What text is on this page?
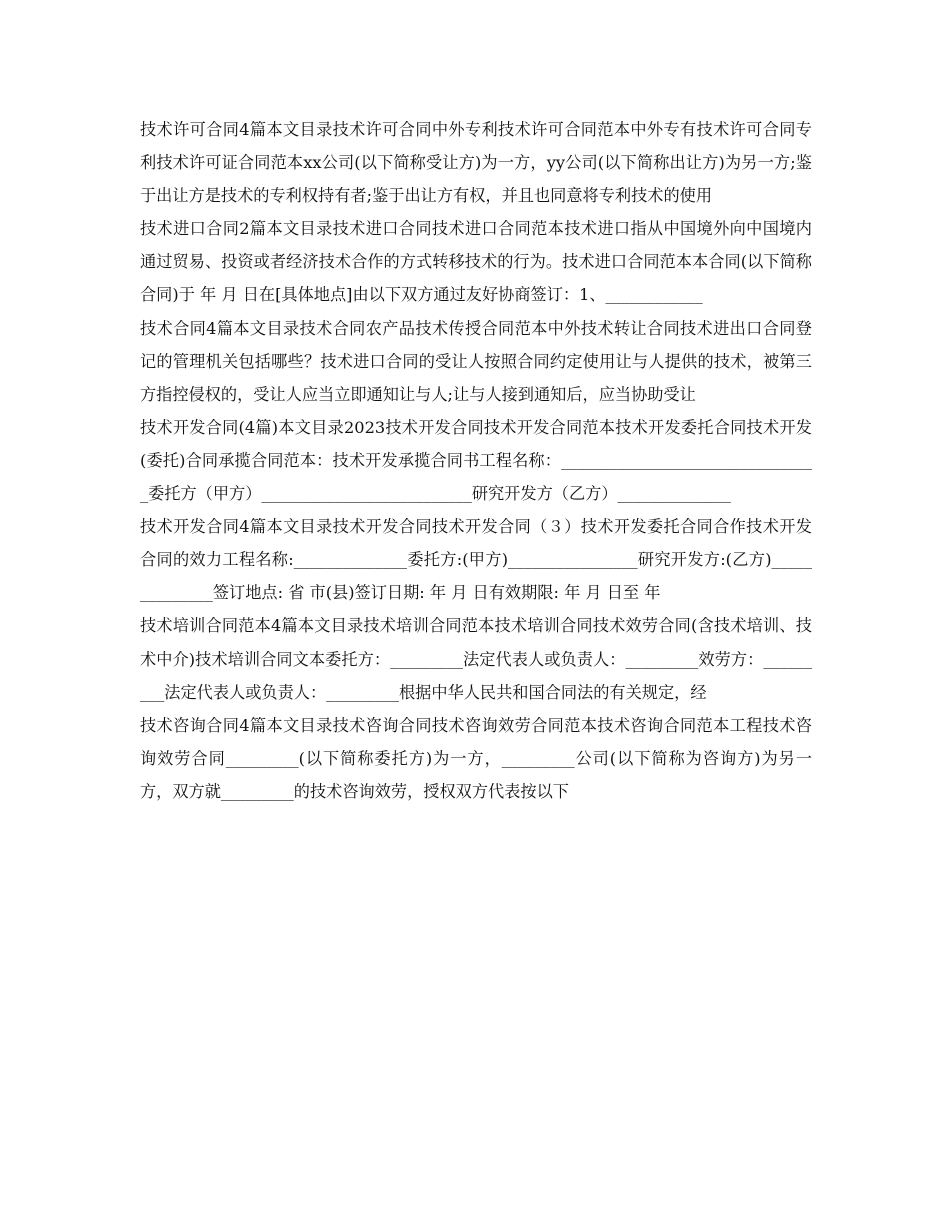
技术许可合同4篇本文目录技术许可合同中外专利技术许可合同范本中外专有技术许可合同专利技术许可证合同范本xx公司(以下简称受让方)为一方，yy公司(以下简称出让方)为另一方;鉴于出让方是技术的专利权持有者;鉴于出让方有权，并且也同意将专利技术的使用

技术进口合同2篇本文目录技术进口合同技术进口合同范本技术进口指从中国境外向中国境内通过贸易、投资或者经济技术合作的方式转移技术的行为。技术进口合同范本本合同(以下简称合同)于 年 月 日在[具体地点]由以下双方通过友好协商签订：1、____________

技术合同4篇本文目录技术合同农产品技术传授合同范本中外技术转让合同技术进出口合同登记的管理机关包括哪些？技术进口合同的受让人按照合同约定使用让与人提供的技术，被第三方指控侵权的，受让人应当立即通知让与人;让与人接到通知后，应当协助受让

技术开发合同(4篇)本文目录2023技术开发合同技术开发合同范本技术开发委托合同技术开发(委托)合同承揽合同范本：技术开发承揽合同书工程名称：________________________________委托方（甲方）__________________________研究开发方（乙方）______________

技术开发合同4篇本文目录技术开发合同技术开发合同（３）技术开发委托合同合作技术开发合同的效力工程名称:______________委托方:(甲方)________________研究开发方:(乙方)______________签订地点: 省 市(县)签订日期: 年 月 日有效期限: 年 月 日至 年

技术培训合同范本4篇本文目录技术培训合同范本技术培训合同技术效劳合同(含技术培训、技术中介)技术培训合同文本委托方：_________法定代表人或负责人：_________效劳方：_________法定代表人或负责人：_________根据中华人民共和国合同法的有关规定，经

技术咨询合同4篇本文目录技术咨询合同技术咨询效劳合同范本技术咨询合同范本工程技术咨询效劳合同_________(以下简称委托方)为一方，_________公司(以下简称为咨询方)为另一方，双方就_________的技术咨询效劳，授权双方代表按以下
